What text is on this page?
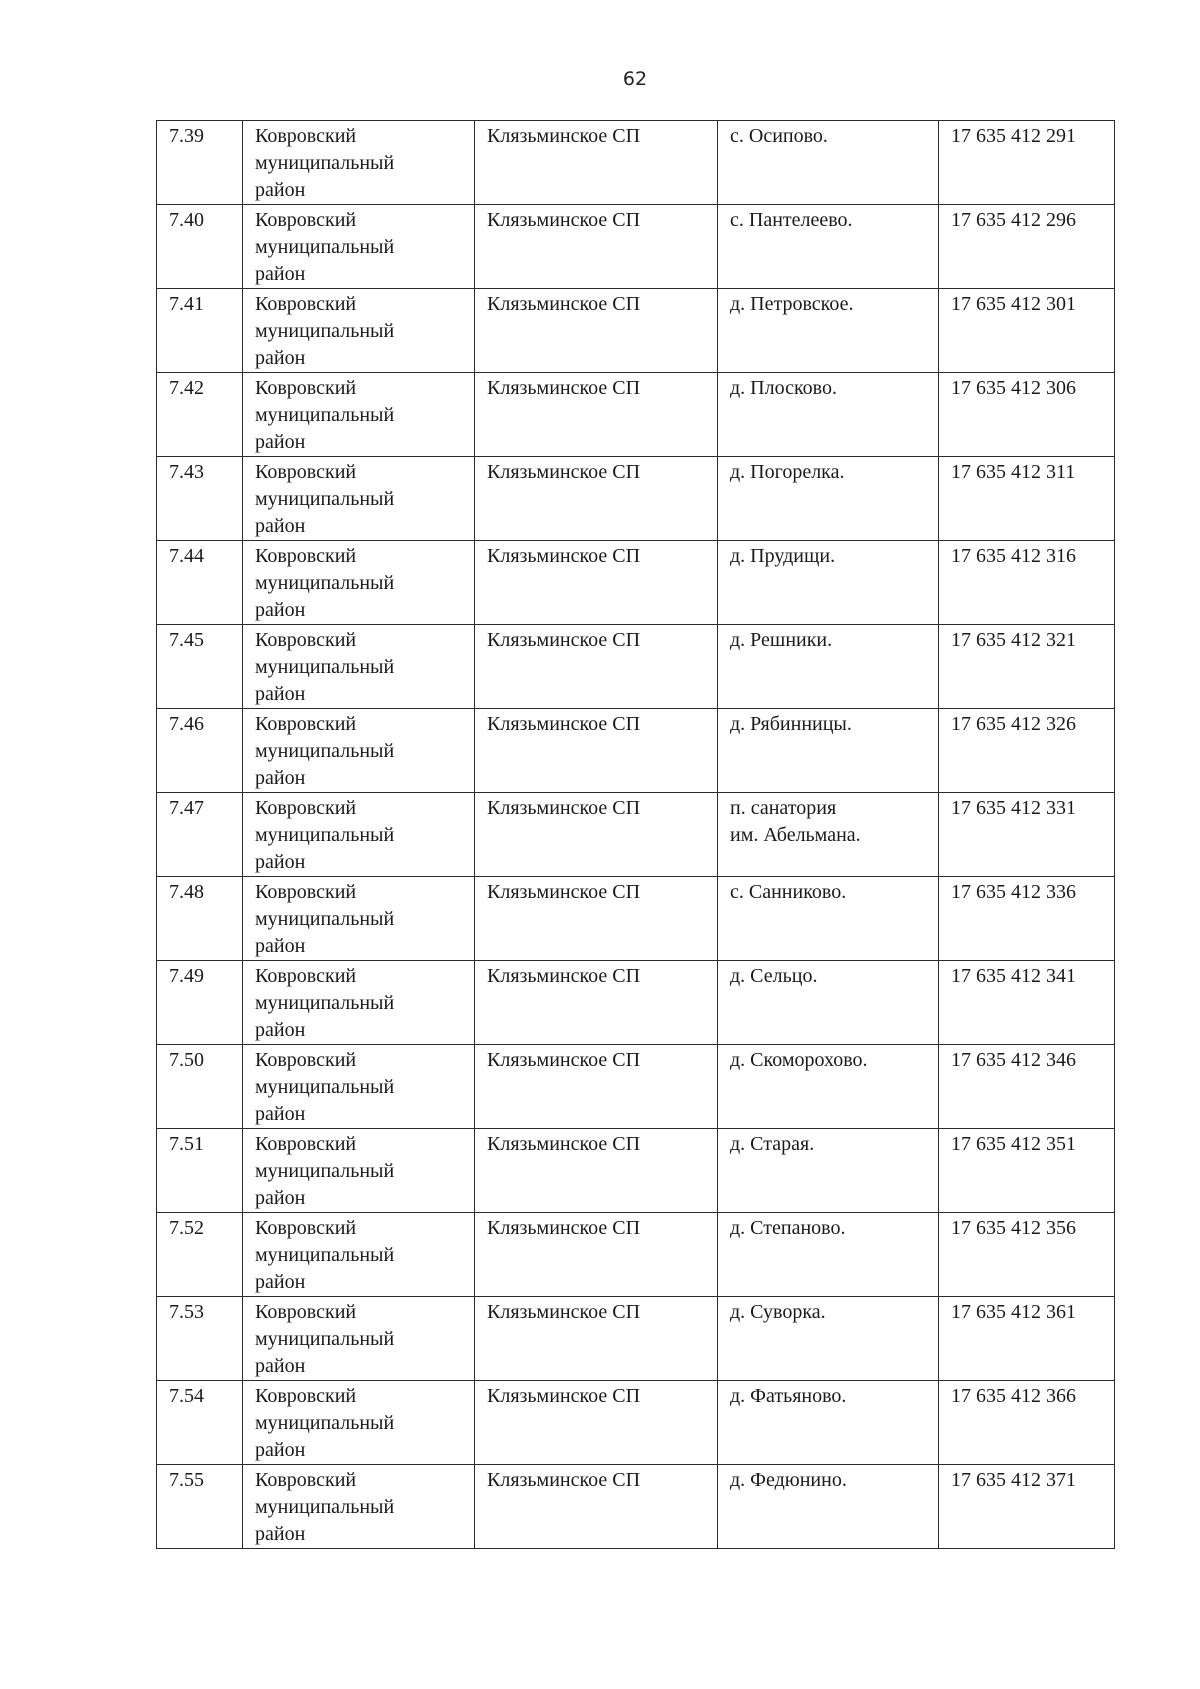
62
7.39	Ковровский
муниципальный
район	Клязьминское СП	с. Осипово.	17 635 412 291
7.40	Ковровский
муниципальный
район	Клязьминское СП	с. Пантелеево.	17 635 412 296
7.41	Ковровский
муниципальный
район	Клязьминское СП	д. Петровское.	17 635 412 301
7.42	Ковровский
муниципальный
район	Клязьминское СП	д. Плосково.	17 635 412 306
7.43	Ковровский
муниципальный
район	Клязьминское СП	д. Погорелка.	17 635 412 311
7.44	Ковровский
муниципальный
район	Клязьминское СП	д. Прудищи.	17 635 412 316
7.45	Ковровский
муниципальный
район	Клязьминское СП	д. Решники.	17 635 412 321
7.46	Ковровский
муниципальный
район	Клязьминское СП	д. Рябинницы.	17 635 412 326
7.47	Ковровский
муниципальный
район	Клязьминское СП	п. санатория
им. Абельмана.	17 635 412 331
7.48	Ковровский
муниципальный
район	Клязьминское СП	с. Санниково.	17 635 412 336
7.49	Ковровский
муниципальный
район	Клязьминское СП	д. Сельцо.	17 635 412 341
7.50	Ковровский
муниципальный
район	Клязьминское СП	д. Скоморохово.	17 635 412 346
7.51	Ковровский
муниципальный
район	Клязьминское СП	д. Старая.	17 635 412 351
7.52	Ковровский
муниципальный
район	Клязьминское СП	д. Степаново.	17 635 412 356
7.53	Ковровский
муниципальный
район	Клязьминское СП	д. Суворка.	17 635 412 361
7.54	Ковровский
муниципальный
район	Клязьминское СП	д. Фатьяново.	17 635 412 366
7.55	Ковровский
муниципальный
район	Клязьминское СП	д. Федюнино.	17 635 412 371
